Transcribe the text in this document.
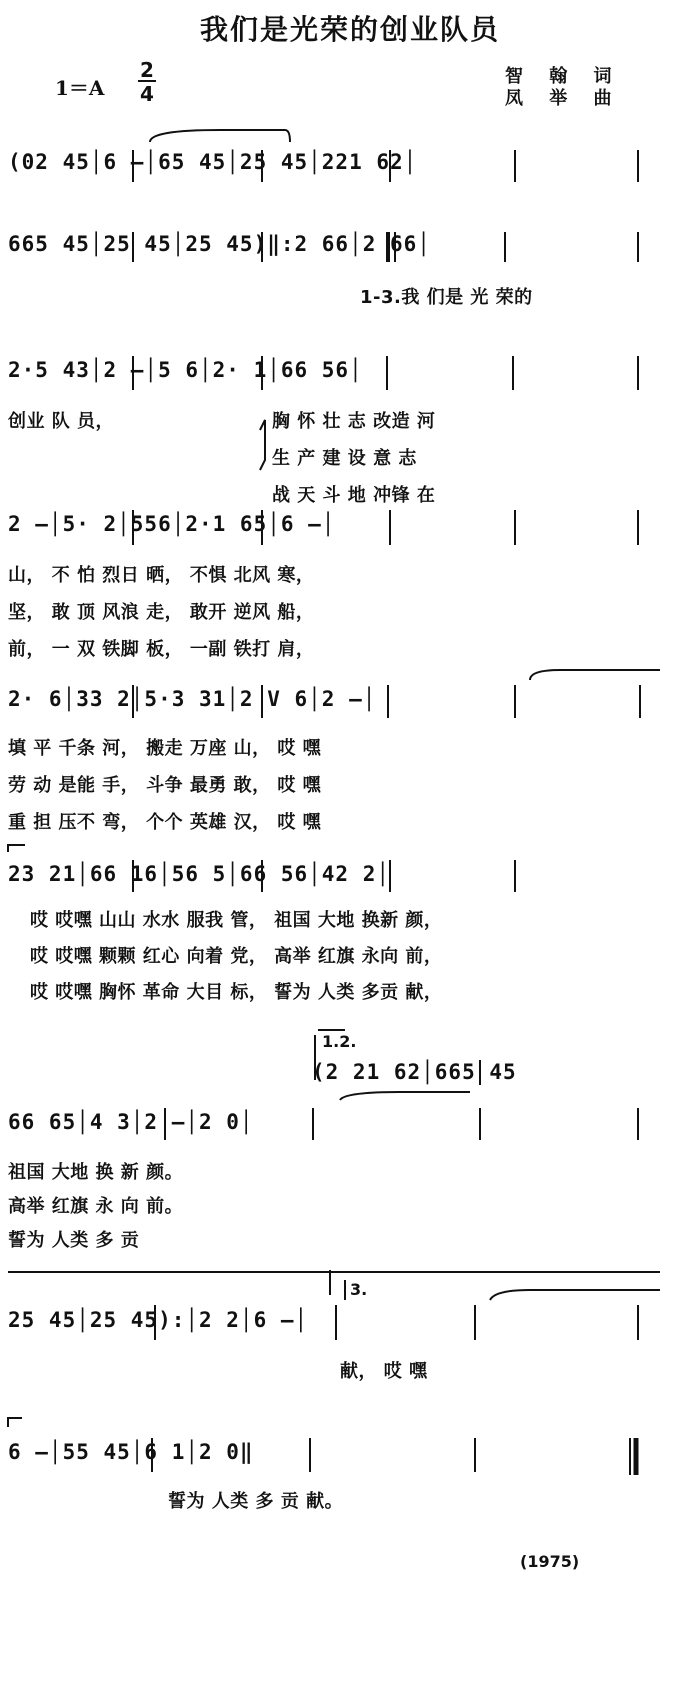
我们是光荣的创业队员
1＝A
2
4
智 翰 词
凤 举 曲
(02 45│6 —│65 45│25 45│221 62│
665 45│25 45│25 45)‖:2 66│2 66│
1-3.我 们是 光 荣的
2·5 43│2 —│5 6│2· 1│66 56│
创业 队 员，	胸 怀 壮 志 改造 河
生 产 建 设 意 志
战 天 斗 地 冲锋 在
2 —│5· 2│556│2·1 65│6 —│
山， 不 怕 烈日 晒， 不惧 北风 寒，
坚， 敢 顶 风浪 走， 敢开 逆风 船，
前， 一 双 铁脚 板， 一副 铁打 肩，
2· 6│33 2│5·3 31│2 V 6│2 —│
填 平 千条 河， 搬走 万座 山， 哎 嘿
劳 动 是能 手， 斗争 最勇 敢， 哎 嘿
重 担 压不 弯， 个个 英雄 汉， 哎 嘿
23 21│66 16│56 5│66 56│42 2│
哎 哎嘿 山山 水水 服我 管， 祖国 大地 换新 颜，
哎 哎嘿 颗颗 红心 向着 党， 高举 红旗 永向 前，
哎 哎嘿 胸怀 革命 大目 标， 誓为 人类 多贡 献，
1.2.
(2 21 62│665 45
66 65│4 3│2 —│2 0│
祖国 大地 换 新 颜。
高举 红旗 永 向 前。
誓为 人类 多 贡
3.
25 45│25 45):│2 2│6 —│
献， 哎 嘿
6 —│55 45│6 1│2 0‖
誓为 人类 多 贡 献。
(1975)
